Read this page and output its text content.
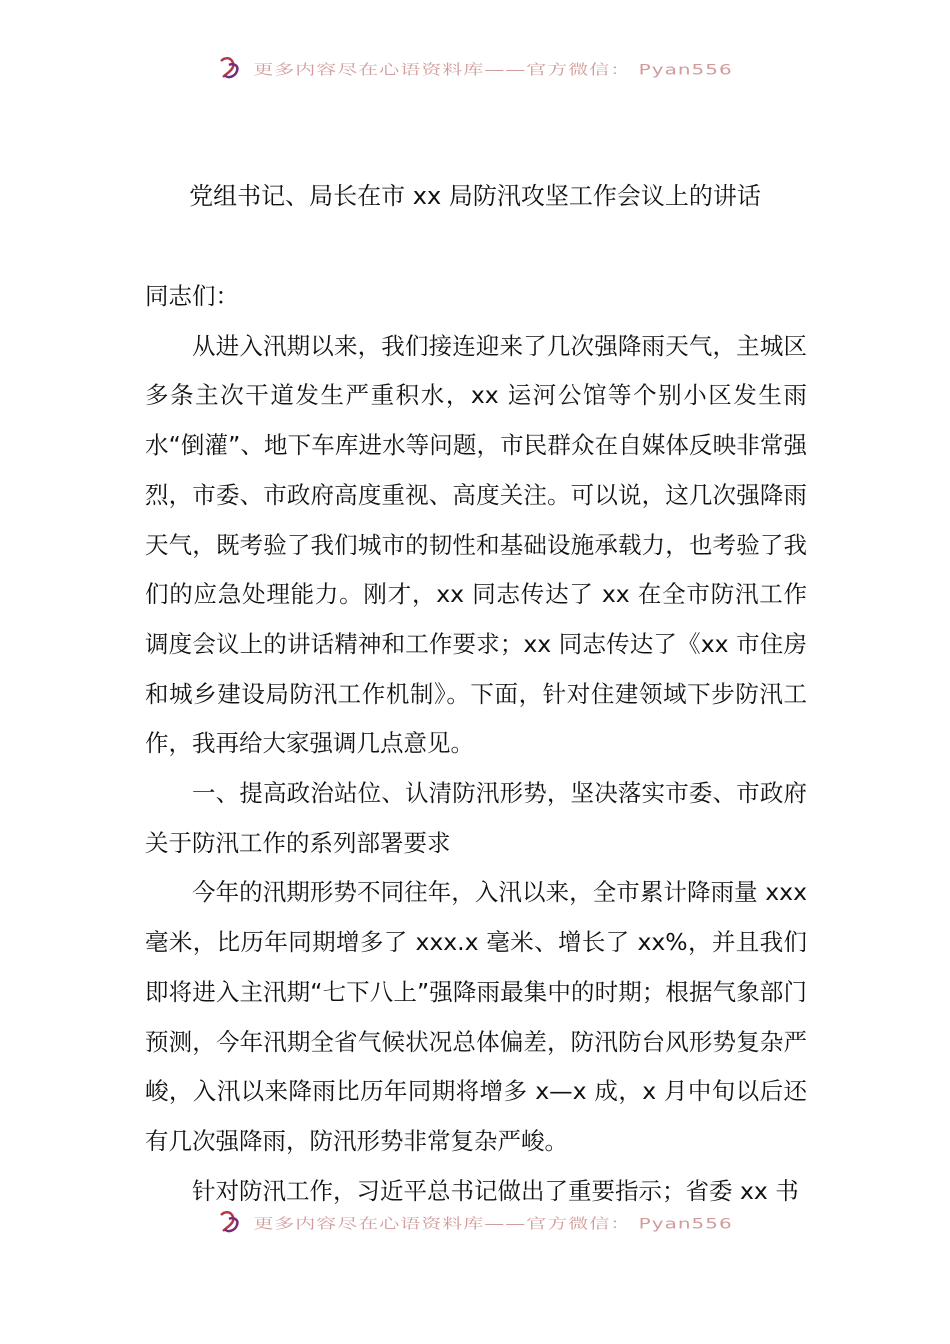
更多内容尽在心语资料库——官方微信： Pyan556
党组书记、局长在市 xx 局防汛攻坚工作会议上的讲话

同志们：

从进入汛期以来，我们接连迎来了几次强降雨天气，主城区多条主次干道发生严重积水，xx 运河公馆等个别小区发生雨水“倒灌”、地下车库进水等问题，市民群众在自媒体反映非常强烈，市委、市政府高度重视、高度关注。可以说，这几次强降雨天气，既考验了我们城市的韧性和基础设施承载力，也考验了我们的应急处理能力。刚才，xx 同志传达了 xx 在全市防汛工作调度会议上的讲话精神和工作要求；xx 同志传达了《xx 市住房和城乡建设局防汛工作机制》。下面，针对住建领域下步防汛工作，我再给大家强调几点意见。

一、提高政治站位、认清防汛形势，坚决落实市委、市政府关于防汛工作的系列部署要求

今年的汛期形势不同往年，入汛以来，全市累计降雨量 xxx 毫米，比历年同期增多了 xxx.x 毫米、增长了 xx%，并且我们即将进入主汛期“七下八上”强降雨最集中的时期；根据气象部门预测，今年汛期全省气候状况总体偏差，防汛防台风形势复杂严峻，入汛以来降雨比历年同期将增多 x—x 成，x 月中旬以后还有几次强降雨，防汛形势非常复杂严峻。

针对防汛工作，习近平总书记做出了重要指示；省委 xx 书

更多内容尽在心语资料库——官方微信： Pyan556
